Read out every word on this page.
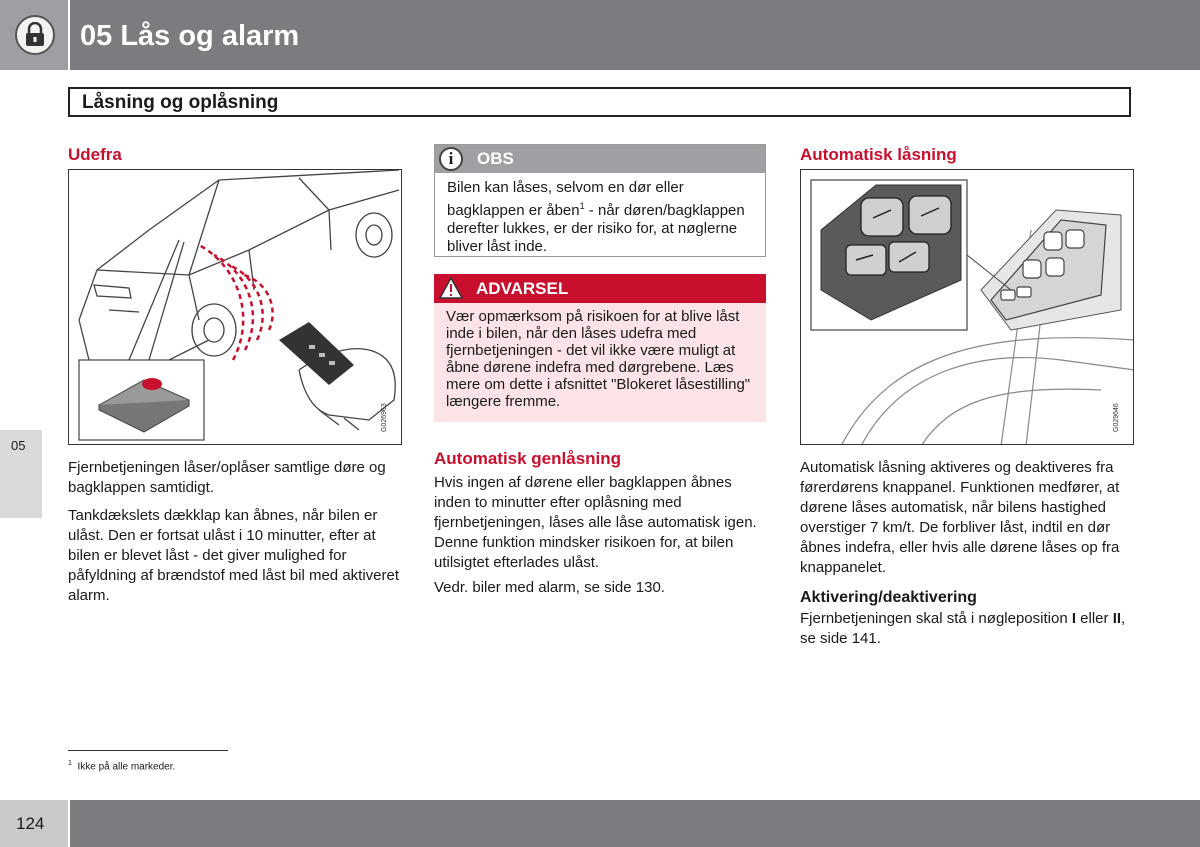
05 Lås og alarm
Låsning og oplåsning
05
Udefra
G026963
Fjernbetjeningen låser/oplåser samtlige døre og bagklappen samtidigt.
Tankdækslets dækklap kan åbnes, når bilen er ulåst. Den er fortsat ulåst i 10 minutter, efter at bilen er blevet låst - det giver mulighed for påfyldning af brændstof med låst bil med aktiveret alarm.
i	OBS
Bilen kan låses, selvom en dør eller bagklappen er åben$^1$ - når døren/bagklappen derefter lukkes, er der risiko for, at nøglerne bliver låst inde.
ADVARSEL
Vær opmærksom på risikoen for at blive låst inde i bilen, når den låses udefra med fjernbetjeningen - det vil ikke være muligt at åbne dørene indefra med dørgrebene. Læs mere om dette i afsnittet "Blokeret låsestilling" længere fremme.
Automatisk genlåsning
Hvis ingen af dørene eller bagklappen åbnes inden to minutter efter oplåsning med fjernbetjeningen, låses alle låse automatisk igen. Denne funktion mindsker risikoen for, at bilen utilsigtet efterlades ulåst.
Vedr. biler med alarm, se side 130.
Automatisk låsning
G029646
Automatisk låsning aktiveres og deaktiveres fra førerdørens knappanel. Funktionen medfører, at dørene låses automatisk, når bilens hastighed overstiger 7 km/t. De forbliver låst, indtil en dør åbnes indefra, eller hvis alle dørene låses op fra knappanelet.
Aktivering/deaktivering
Fjernbetjeningen skal stå i nøgleposition I eller II, se side 141.
$^1$ Ikke på alle markeder.
124
